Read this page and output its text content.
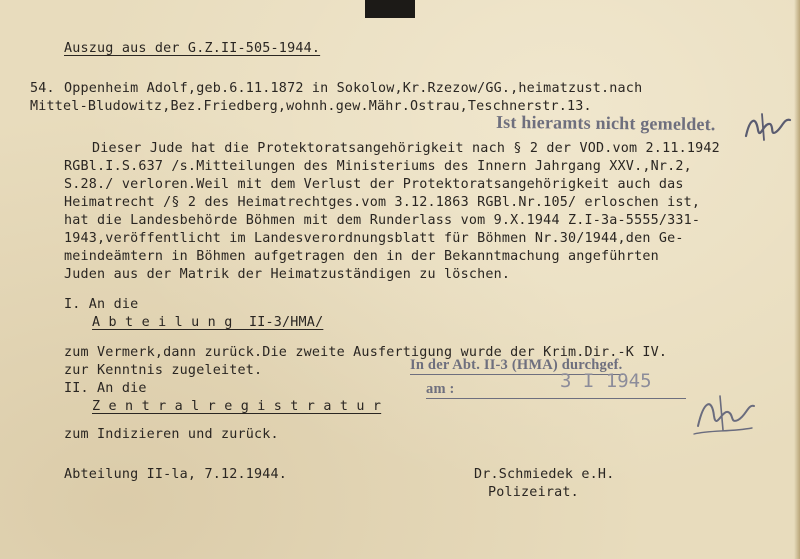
Auszug aus der G.Z.II-505-1944.
54. Oppenheim Adolf,geb.6.11.1872 in Sokolow,Kr.Rzezow/GG.,heimatzust.nach
Mittel-Bludowitz,Bez.Friedberg,wohnh.gew.Mähr.Ostrau,Teschnerstr.13.
Ist hieramts nicht gemeldet.
Dieser Jude hat die Protektoratsangehörigkeit nach § 2 der VOD.vom 2.11.1942
RGBl.I.S.637 /s.Mitteilungen des Ministeriums des Innern Jahrgang XXV.,Nr.2,
S.28./ verloren.Weil mit dem Verlust der Protektoratsangehörigkeit auch das
Heimatrecht /§ 2 des Heimatrechtges.vom 3.12.1863 RGBl.Nr.105/ erloschen ist,
hat die Landesbehörde Böhmen mit dem Runderlass vom 9.X.1944 Z.I-3a-5555/331-
1943,veröffentlicht im Landesverordnungsblatt für Böhmen Nr.30/1944,den Ge-
meindeämtern in Böhmen aufgetragen den in der Bekanntmachung angeführten
Juden aus der Matrik der Heimatzuständigen zu löschen.
I. An die
A b t e i l u n g  II-3/HMA/
zum Vermerk,dann zurück.Die zweite Ausfertigung wurde der Krim.Dir.-K IV.
zur Kenntnis zugeleitet.	In der Abt. II-3 (HMA) durchgef.
am :	3 I 1945
II. An die
Z e n t r a l r e g i s t r a t u r
zum Indizieren und zurück.
Abteilung II-la, 7.12.1944.	Dr.Schmiedek e.H.
Polizeirat.
